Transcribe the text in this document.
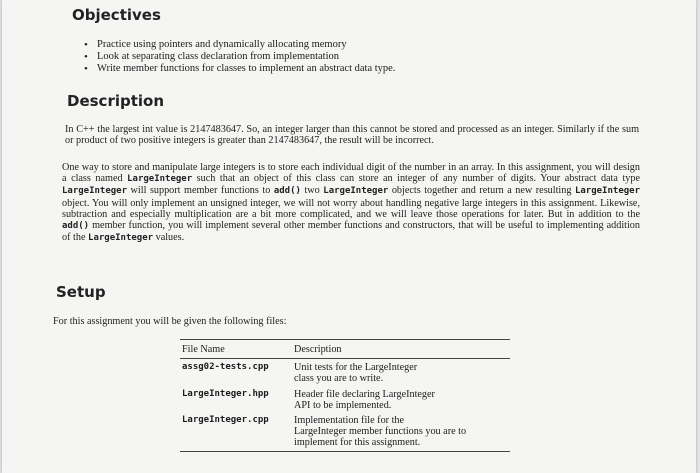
Objectives
• Practice using pointers and dynamically allocating memory
• Look at separating class declaration from implementation
• Write member functions for classes to implement an abstract data type.
Description

In C++ the largest int value is 2147483647. So, an integer larger than this cannot be stored and processed as an integer. Similarly if the sum or product of two positive integers is greater than 2147483647, the result will be incorrect.

One way to store and manipulate large integers is to store each individual digit of the number in an array. In this assignment, you will design a class named LargeInteger such that an object of this class can store an integer of any number of digits. Your abstract data type LargeInteger will support member functions to add() two LargeInteger objects together and return a new resulting LargeInteger object. You will only implement an unsigned integer, we will not worry about handling negative large integers in this assignment. Likewise, subtraction and especially multiplication are a bit more complicated, and we will leave those operations for later. But in addition to the add() member function, you will implement several other member functions and constructors, that will be useful to implementing addition of the LargeInteger values.

Setup

For this assignment you will be given the following files:

File Name	Description
assg02-tests.cpp	Unit tests for the LargeInteger
class you are to write.

LargeInteger.hpp	Header file declaring LargeInteger
API to be implemented.

LargeInteger.cpp	Implementation file for the
LargeInteger member functions you are to
implement for this assignment.
